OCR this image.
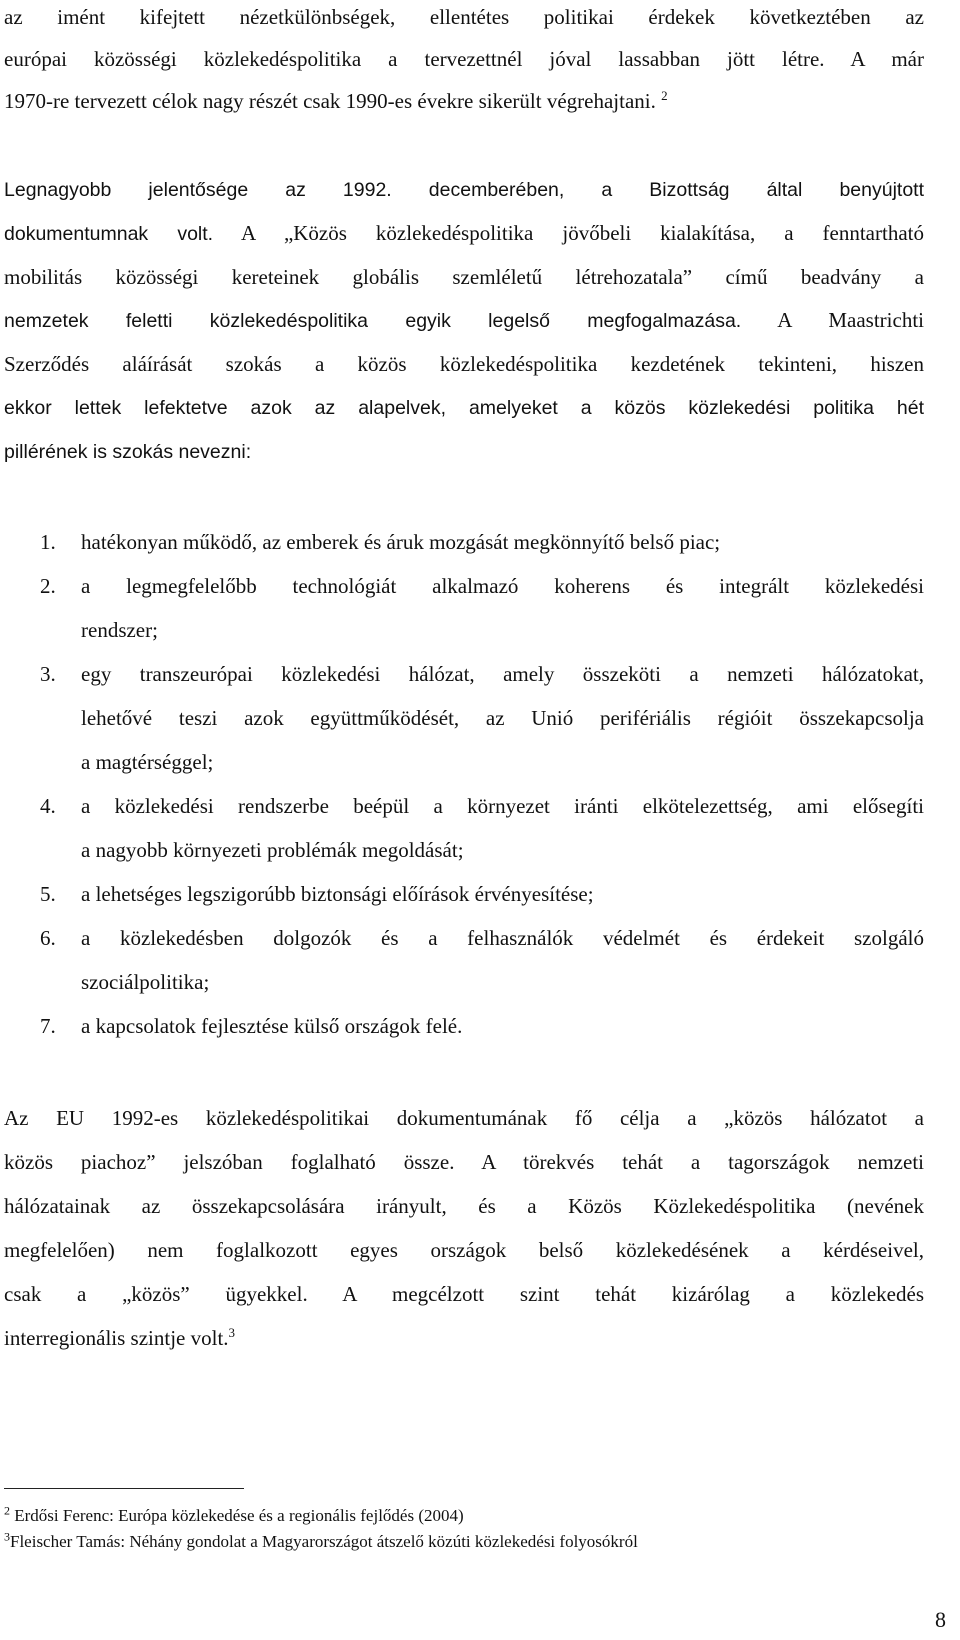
az imént kifejtett nézetkülönbségek, ellentétes politikai érdekek következtében az
európai közösségi közlekedéspolitika a tervezettnél jóval lassabban jött létre. A már
1970-re tervezett célok nagy részét csak 1990-es évekre sikerült végrehajtani. $^2$
Legnagyobb jelentősége az 1992. decemberében, a Bizottság által benyújtott
dokumentumnak volt. A „Közös közlekedéspolitika jövőbeli kialakítása, a fenntartható
mobilitás közösségi kereteinek globális szemléletű létrehozatala” című beadvány a
nemzetek feletti közlekedéspolitika egyik legelső megfogalmazása. A Maastrichti
Szerződés aláírását szokás a közös közlekedéspolitika kezdetének tekinteni, hiszen
ekkor lettek lefektetve azok az alapelvek, amelyeket a közös közlekedési politika hét
pillérének is szokás nevezni:
1.	hatékonyan működő, az emberek és áruk mozgását megkönnyítő belső piac;
2.	a legmegfelelőbb technológiát alkalmazó koherens és integrált közlekedési
rendszer;
3.	egy transzeurópai közlekedési hálózat, amely összeköti a nemzeti hálózatokat,
lehetővé teszi azok együttműködését, az Unió perifériális régióit összekapcsolja
a magtérséggel;
4.	a közlekedési rendszerbe beépül a környezet iránti elkötelezettség, ami elősegíti
a nagyobb környezeti problémák megoldását;
5.	a lehetséges legszigorúbb biztonsági előírások érvényesítése;
6.	a közlekedésben dolgozók és a felhasználók védelmét és érdekeit szolgáló
szociálpolitika;
7.	a kapcsolatok fejlesztése külső országok felé.
Az EU 1992-es közlekedéspolitikai dokumentumának fő célja a „közös hálózatot a
közös piachoz” jelszóban foglalható össze. A törekvés tehát a tagországok nemzeti
hálózatainak az összekapcsolására irányult, és a Közös Közlekedéspolitika (nevének
megfelelően) nem foglalkozott egyes országok belső közlekedésének a kérdéseivel,
csak a „közös” ügyekkel. A megcélzott szint tehát kizárólag a közlekedés
interregionális szintje volt.$^3$
$^2$ Erdősi Ferenc: Európa közlekedése és a regionális fejlődés (2004)
$^3$Fleischer Tamás: Néhány gondolat a Magyarországot átszelő közúti közlekedési folyosókról
8
